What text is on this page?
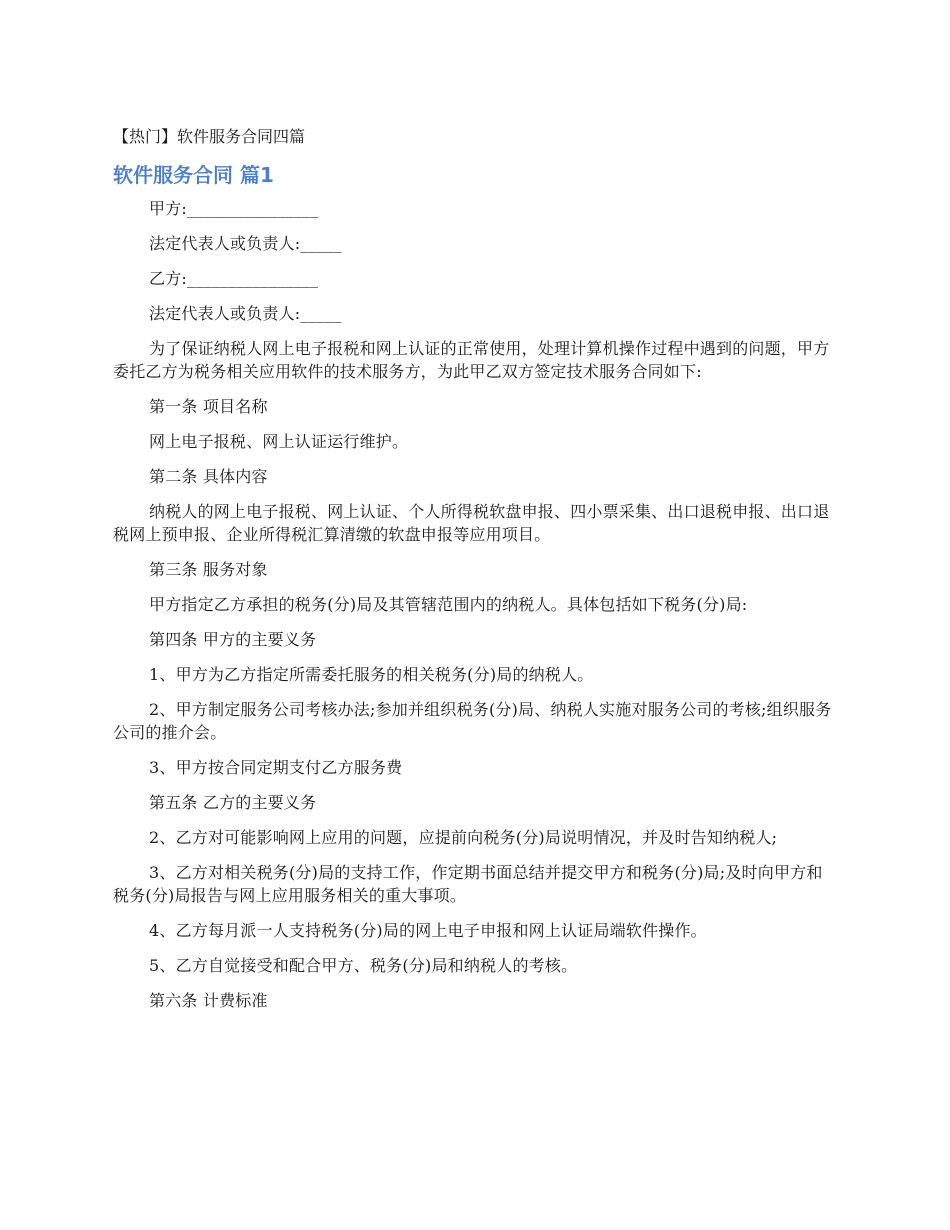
【热门】软件服务合同四篇
软件服务合同 篇1

甲方:________________

法定代表人或负责人:_____

乙方:________________

法定代表人或负责人:_____

为了保证纳税人网上电子报税和网上认证的正常使用，处理计算机操作过程中遇到的问题，甲方委托乙方为税务相关应用软件的技术服务方，为此甲乙双方签定技术服务合同如下:

第一条 项目名称

网上电子报税、网上认证运行维护。

第二条 具体内容

纳税人的网上电子报税、网上认证、个人所得税软盘申报、四小票采集、出口退税申报、出口退税网上预申报、企业所得税汇算清缴的软盘申报等应用项目。

第三条 服务对象

甲方指定乙方承担的税务(分)局及其管辖范围内的纳税人。具体包括如下税务(分)局:

第四条 甲方的主要义务

1、甲方为乙方指定所需委托服务的相关税务(分)局的纳税人。

2、甲方制定服务公司考核办法;参加并组织税务(分)局、纳税人实施对服务公司的考核;组织服务公司的推介会。

3、甲方按合同定期支付乙方服务费

第五条 乙方的主要义务

2、乙方对可能影响网上应用的问题，应提前向税务(分)局说明情况，并及时告知纳税人;

3、乙方对相关税务(分)局的支持工作，作定期书面总结并提交甲方和税务(分)局;及时向甲方和税务(分)局报告与网上应用服务相关的重大事项。

4、乙方每月派一人支持税务(分)局的网上电子申报和网上认证局端软件操作。

5、乙方自觉接受和配合甲方、税务(分)局和纳税人的考核。

第六条 计费标准
